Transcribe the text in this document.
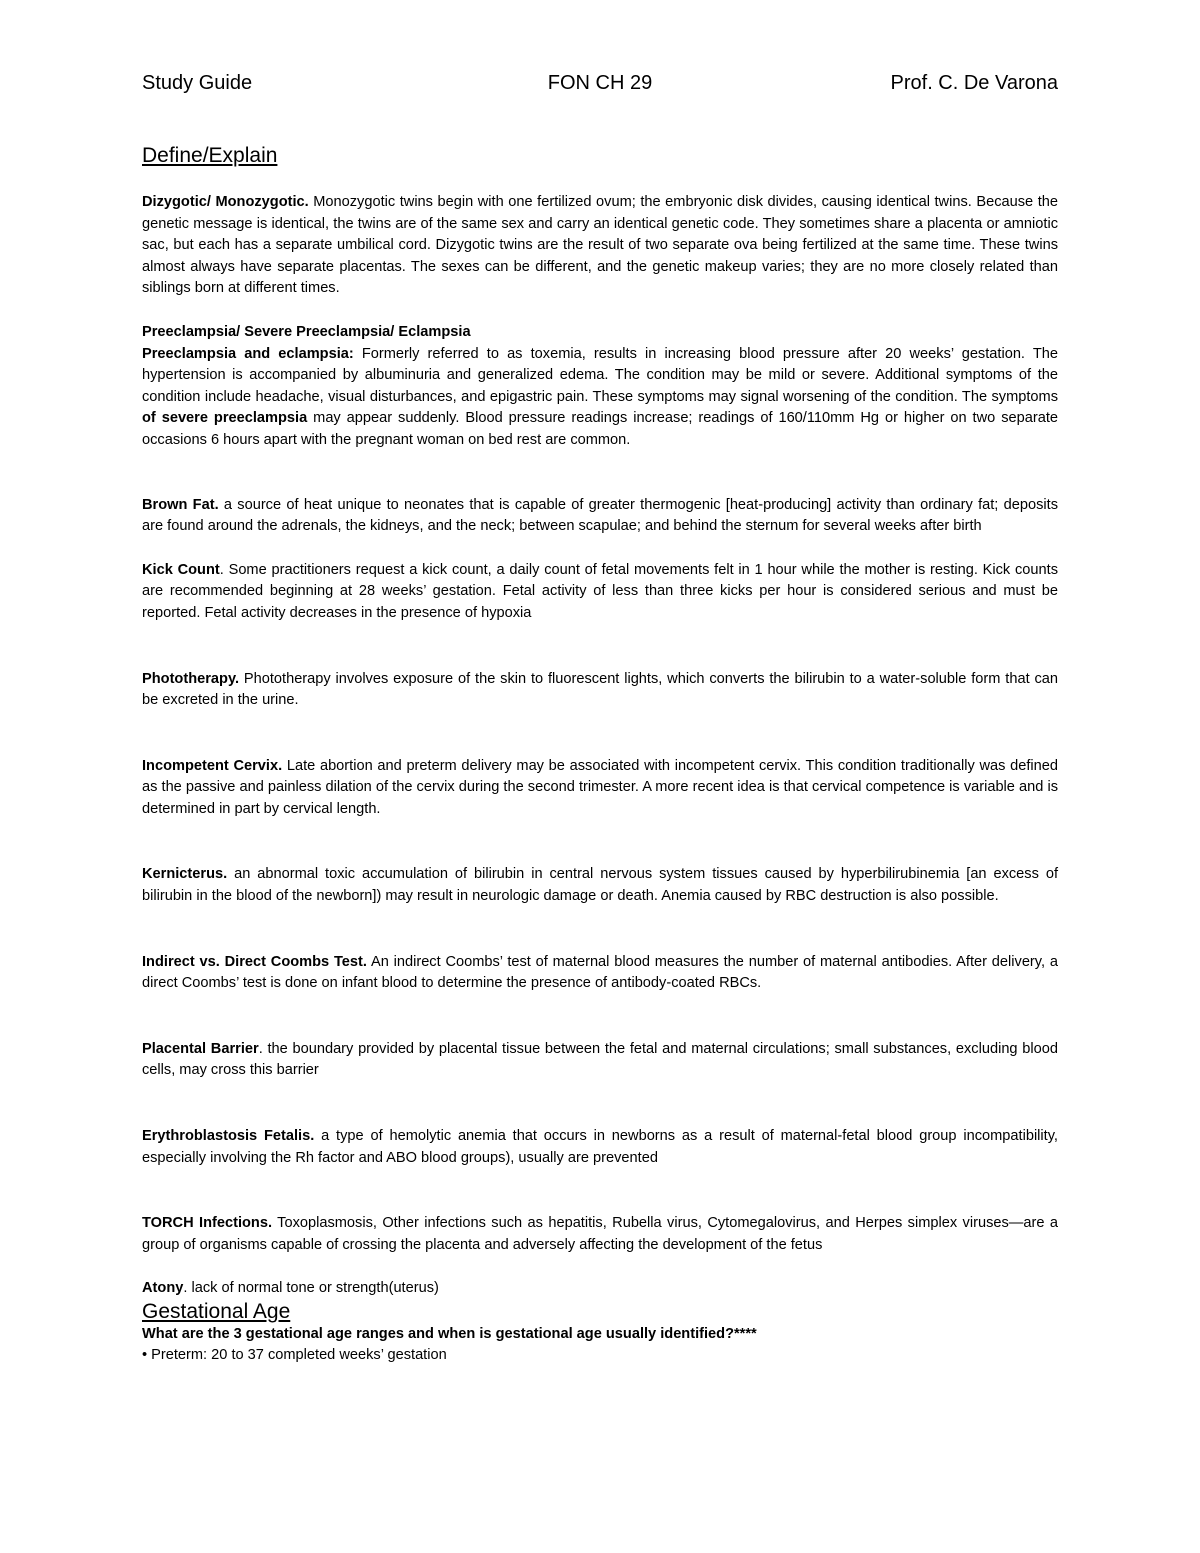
Study Guide	FON CH 29	Prof. C. De Varona

Define/Explain

Dizygotic/ Monozygotic. Monozygotic twins begin with one fertilized ovum; the embryonic disk divides, causing identical twins. Because the genetic message is identical, the twins are of the same sex and carry an identical genetic code. They sometimes share a placenta or amniotic sac, but each has a separate umbilical cord. Dizygotic twins are the result of two separate ova being fertilized at the same time. These twins almost always have separate placentas. The sexes can be different, and the genetic makeup varies; they are no more closely related than siblings born at different times.

Preeclampsia/ Severe Preeclampsia/ Eclampsia
Preeclampsia and eclampsia: Formerly referred to as toxemia, results in increasing blood pressure after 20 weeks’ gestation. The hypertension is accompanied by albuminuria and generalized edema. The condition may be mild or severe. Additional symptoms of the condition include headache, visual disturbances, and epigastric pain. These symptoms may signal worsening of the condition. The symptoms of severe preeclampsia may appear suddenly. Blood pressure readings increase; readings of 160/110mm Hg or higher on two separate occasions 6 hours apart with the pregnant woman on bed rest are common.

Brown Fat. a source of heat unique to neonates that is capable of greater thermogenic [heat-producing] activity than ordinary fat; deposits are found around the adrenals, the kidneys, and the neck; between scapulae; and behind the sternum for several weeks after birth

Kick Count. Some practitioners request a kick count, a daily count of fetal movements felt in 1 hour while the mother is resting. Kick counts are recommended beginning at 28 weeks’ gestation. Fetal activity of less than three kicks per hour is considered serious and must be reported. Fetal activity decreases in the presence of hypoxia

Phototherapy. Phototherapy involves exposure of the skin to fluorescent lights, which converts the bilirubin to a water-soluble form that can be excreted in the urine.

Incompetent Cervix. Late abortion and preterm delivery may be associated with incompetent cervix. This condition traditionally was defined as the passive and painless dilation of the cervix during the second trimester. A more recent idea is that cervical competence is variable and is determined in part by cervical length.

Kernicterus. an abnormal toxic accumulation of bilirubin in central nervous system tissues caused by hyperbilirubinemia [an excess of bilirubin in the blood of the newborn]) may result in neurologic damage or death. Anemia caused by RBC destruction is also possible.

Indirect vs. Direct Coombs Test. An indirect Coombs’ test of maternal blood measures the number of maternal antibodies. After delivery, a direct Coombs’ test is done on infant blood to determine the presence of antibody-coated RBCs.

Placental Barrier. the boundary provided by placental tissue between the fetal and maternal circulations; small substances, excluding blood cells, may cross this barrier

Erythroblastosis Fetalis. a type of hemolytic anemia that occurs in newborns as a result of maternal-fetal blood group incompatibility, especially involving the Rh factor and ABO blood groups), usually are prevented

TORCH Infections. Toxoplasmosis, Other infections such as hepatitis, Rubella virus, Cytomegalovirus, and Herpes simplex viruses—are a group of organisms capable of crossing the placenta and adversely affecting the development of the fetus

Atony. lack of normal tone or strength(uterus)

Gestational Age

What are the 3 gestational age ranges and when is gestational age usually identified?****

• Preterm: 20 to 37 completed weeks’ gestation
